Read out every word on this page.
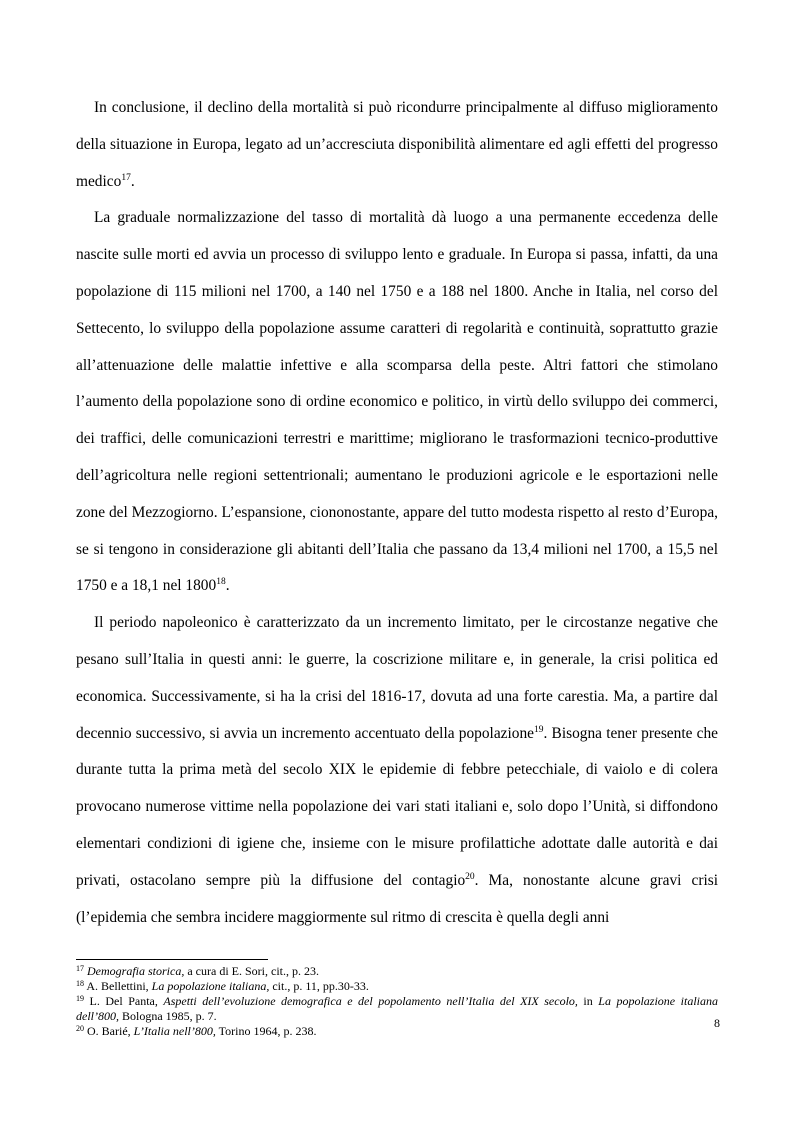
In conclusione, il declino della mortalità si può ricondurre principalmente al diffuso miglioramento della situazione in Europa, legato ad un’accresciuta disponibilità alimentare ed agli effetti del progresso medico$^{17}$.

La graduale normalizzazione del tasso di mortalità dà luogo a una permanente eccedenza delle nascite sulle morti ed avvia un processo di sviluppo lento e graduale. In Europa si passa, infatti, da una popolazione di 115 milioni nel 1700, a 140 nel 1750 e a 188 nel 1800. Anche in Italia, nel corso del Settecento, lo sviluppo della popolazione assume caratteri di regolarità e continuità, soprattutto grazie all’attenuazione delle malattie infettive e alla scomparsa della peste. Altri fattori che stimolano l’aumento della popolazione sono di ordine economico e politico, in virtù dello sviluppo dei commerci, dei traffici, delle comunicazioni terrestri e marittime; migliorano le trasformazioni tecnico-produttive dell’agricoltura nelle regioni settentrionali; aumentano le produzioni agricole e le esportazioni nelle zone del Mezzogiorno. L’espansione, ciononostante, appare del tutto modesta rispetto al resto d’Europa, se si tengono in considerazione gli abitanti dell’Italia che passano da 13,4 milioni nel 1700, a 15,5 nel 1750 e a 18,1 nel 1800$^{18}$.

Il periodo napoleonico è caratterizzato da un incremento limitato, per le circostanze negative che pesano sull’Italia in questi anni: le guerre, la coscrizione militare e, in generale, la crisi politica ed economica. Successivamente, si ha la crisi del 1816-17, dovuta ad una forte carestia. Ma, a partire dal decennio successivo, si avvia un incremento accentuato della popolazione$^{19}$. Bisogna tener presente che durante tutta la prima metà del secolo XIX le epidemie di febbre petecchiale, di vaiolo e di colera provocano numerose vittime nella popolazione dei vari stati italiani e, solo dopo l’Unità, si diffondono elementari condizioni di igiene che, insieme con le misure profilattiche adottate dalle autorità e dai privati, ostacolano sempre più la diffusione del contagio$^{20}$. Ma, nonostante alcune gravi crisi (l’epidemia che sembra incidere maggiormente sul ritmo di crescita è quella degli anni

$^{17}$ Demografia storica, a cura di E. Sori, cit., p. 23.

$^{18}$ A. Bellettini, La popolazione italiana, cit., p. 11, pp.30-33.

$^{19}$ L. Del Panta, Aspetti dell’evoluzione demografica e del popolamento nell’Italia del XIX secolo, in La popolazione italiana dell’800, Bologna 1985, p. 7.

$^{20}$ O. Barié, L’Italia nell’800, Torino 1964, p. 238.

8
